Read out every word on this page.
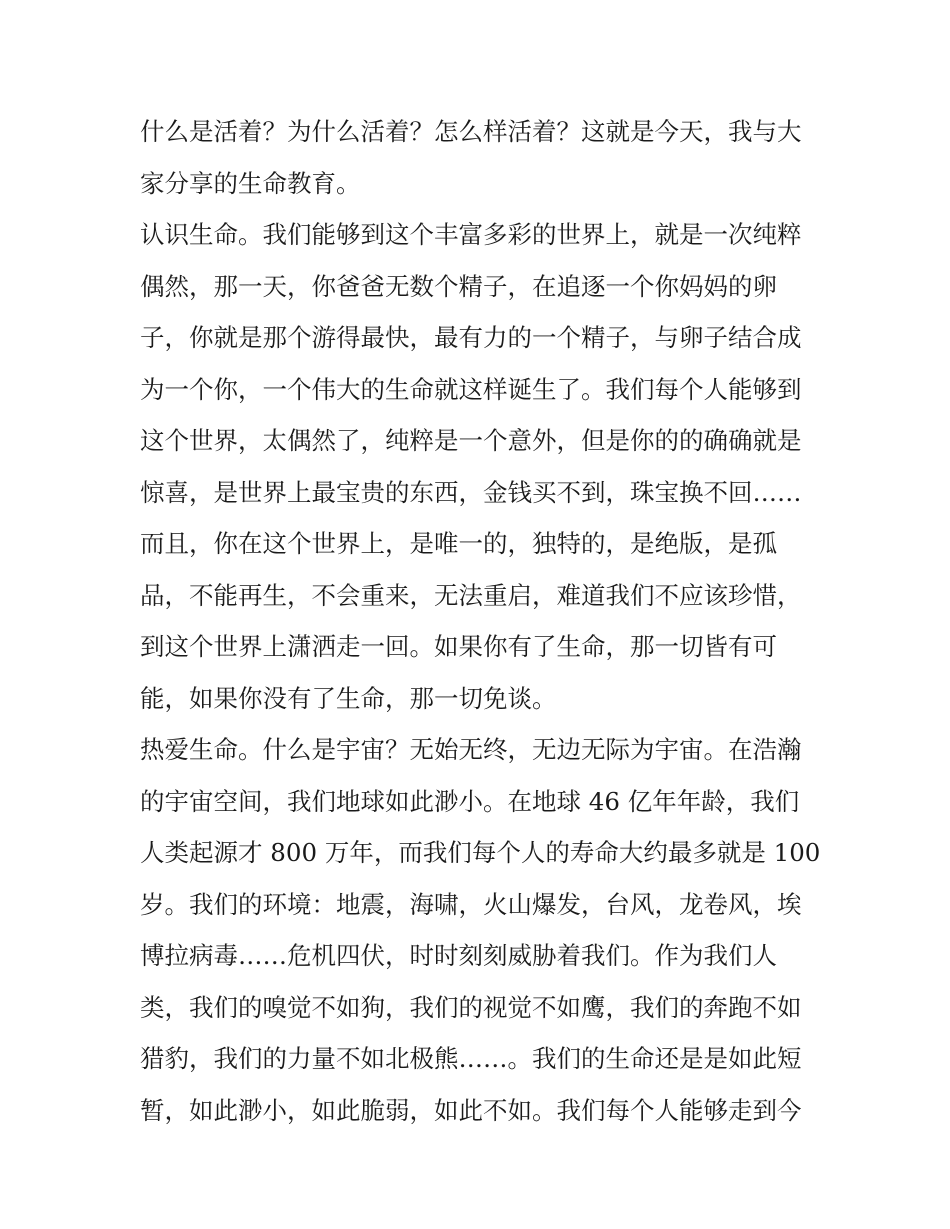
什么是活着？为什么活着？怎么样活着？这就是今天，我与大
家分享的生命教育。
认识生命。我们能够到这个丰富多彩的世界上，就是一次纯粹
偶然，那一天，你爸爸无数个精子，在追逐一个你妈妈的卵
子，你就是那个游得最快，最有力的一个精子，与卵子结合成
为一个你，一个伟大的生命就这样诞生了。我们每个人能够到
这个世界，太偶然了，纯粹是一个意外，但是你的的确确就是
惊喜，是世界上最宝贵的东西，金钱买不到，珠宝换不回……
而且，你在这个世界上，是唯一的，独特的，是绝版，是孤
品，不能再生，不会重来，无法重启，难道我们不应该珍惜，
到这个世界上潇洒走一回。如果你有了生命，那一切皆有可
能，如果你没有了生命，那一切免谈。
热爱生命。什么是宇宙？无始无终，无边无际为宇宙。在浩瀚
的宇宙空间，我们地球如此渺小。在地球 46 亿年年龄，我们
人类起源才 800 万年，而我们每个人的寿命大约最多就是 100
岁。我们的环境：地震，海啸，火山爆发，台风，龙卷风，埃
博拉病毒……危机四伏，时时刻刻威胁着我们。作为我们人
类，我们的嗅觉不如狗，我们的视觉不如鹰，我们的奔跑不如
猎豹，我们的力量不如北极熊……。我们的生命还是是如此短
暂，如此渺小，如此脆弱，如此不如。我们每个人能够走到今
